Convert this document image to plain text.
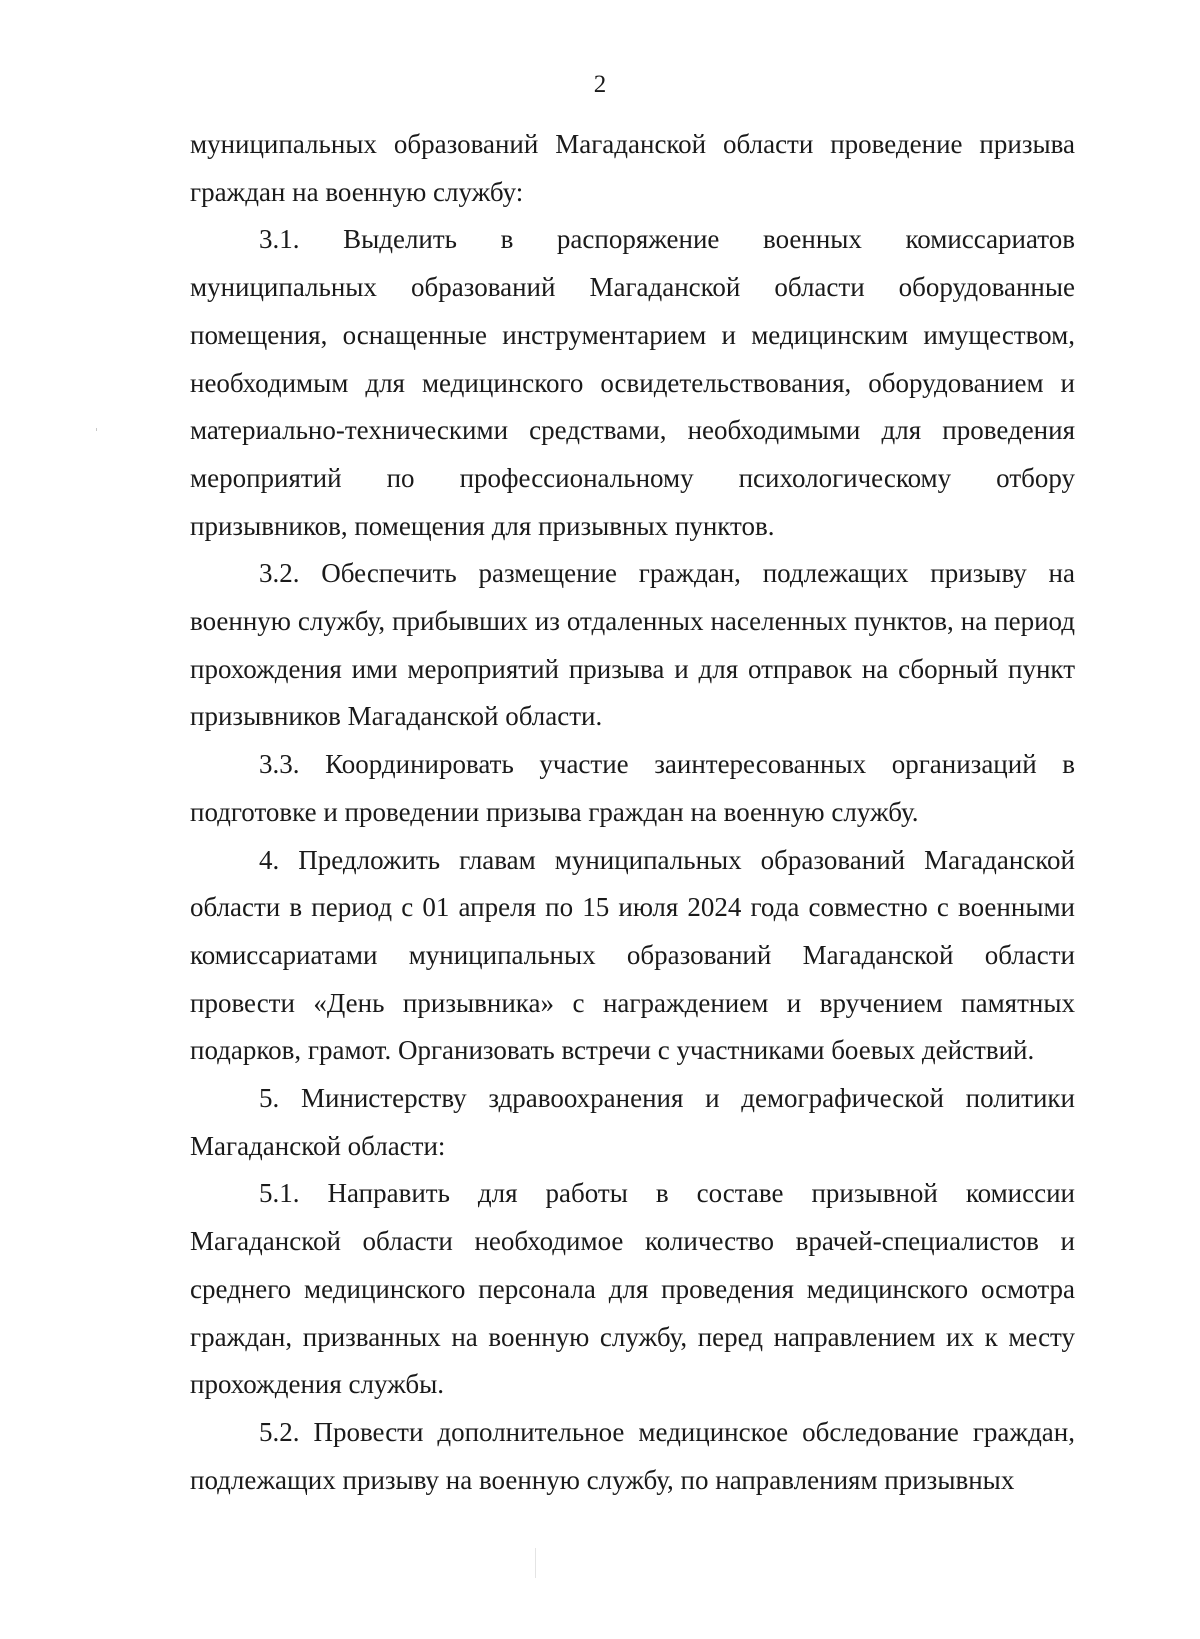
2

муниципальных образований Магаданской области проведение призыва граждан на военную службу:

3.1. Выделить в распоряжение военных комиссариатов муниципальных образований Магаданской области оборудованные помещения, оснащенные инструментарием и медицинским имуществом, необходимым для медицинского освидетельствования, оборудованием и материально-техническими средствами, необходимыми для проведения мероприятий по профессиональному психологическому отбору призывников, помещения для призывных пунктов.

3.2. Обеспечить размещение граждан, подлежащих призыву на военную службу, прибывших из отдаленных населенных пунктов, на период прохождения ими мероприятий призыва и для отправок на сборный пункт призывников Магаданской области.

3.3. Координировать участие заинтересованных организаций в подготовке и проведении призыва граждан на военную службу.

4. Предложить главам муниципальных образований Магаданской области в период с 01 апреля по 15 июля 2024 года совместно с военными комиссариатами муниципальных образований Магаданской области провести «День призывника» с награждением и вручением памятных подарков, грамот. Организовать встречи с участниками боевых действий.

5. Министерству здравоохранения и демографической политики Магаданской области:

5.1. Направить для работы в составе призывной комиссии Магаданской области необходимое количество врачей-специалистов и среднего медицинского персонала для проведения медицинского осмотра граждан, призванных на военную службу, перед направлением их к месту прохождения службы.

5.2. Провести дополнительное медицинское обследование граждан, подлежащих призыву на военную службу, по направлениям призывных
